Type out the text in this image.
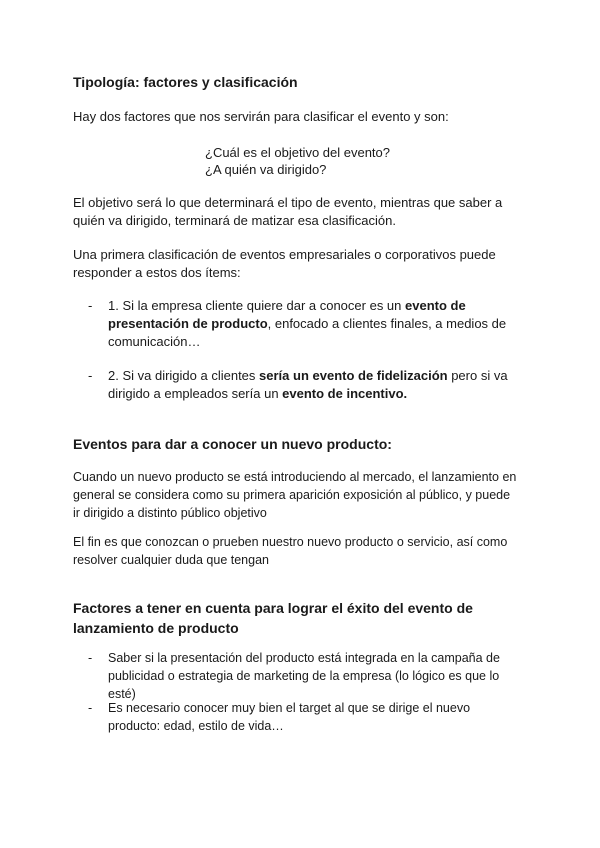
Tipología: factores y clasificación
Hay dos factores que nos servirán para clasificar el evento y son:
¿Cuál es el objetivo del evento?
¿A quién va dirigido?
El objetivo será lo que determinará el tipo de evento, mientras que saber a quién va dirigido, terminará de matizar esa clasificación.
Una primera clasificación de eventos empresariales o corporativos puede responder a estos dos ítems:
- 1. Si la empresa cliente quiere dar a conocer es un evento de presentación de producto, enfocado a clientes finales, a medios de comunicación…
- 2. Si va dirigido a clientes sería un evento de fidelización pero si va dirigido a empleados sería un evento de incentivo.
Eventos para dar a conocer un nuevo producto:
Cuando un nuevo producto se está introduciendo al mercado, el lanzamiento en general se considera como su primera aparición exposición al público, y puede ir dirigido a distinto público objetivo
El fin es que conozcan o prueben nuestro nuevo producto o servicio, así como resolver cualquier duda que tengan
Factores a tener en cuenta para lograr el éxito del evento de lanzamiento de producto
- Saber si la presentación del producto está integrada en la campaña de publicidad o estrategia de marketing de la empresa (lo lógico es que lo esté)
- Es necesario conocer muy bien el target al que se dirige el nuevo producto: edad, estilo de vida…
